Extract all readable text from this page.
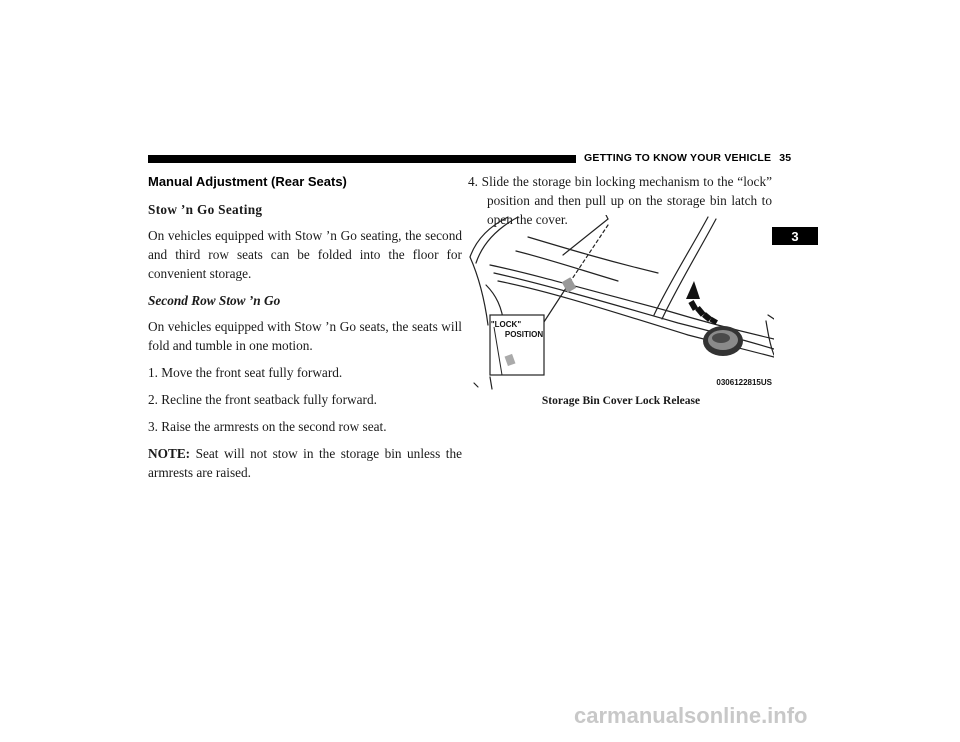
GETTING TO KNOW YOUR VEHICLE 35
3
Manual Adjustment (Rear Seats)
Stow ’n Go Seating

On vehicles equipped with Stow ’n Go seating, the second and third row seats can be folded into the floor for convenient storage.

Second Row Stow ’n Go

On vehicles equipped with Stow ’n Go seats, the seats will fold and tumble in one motion.

1. Move the front seat fully forward.

2. Recline the front seatback fully forward.

3. Raise the armrests on the second row seat.

NOTE: Seat will not stow in the storage bin unless the armrests are raised.

4. Slide the storage bin locking mechanism to the “lock” position and then pull up on the storage bin latch to open the cover.

"LOCK"
POSITION
0306122815US
Storage Bin Cover Lock Release
carmanualsonline.info
